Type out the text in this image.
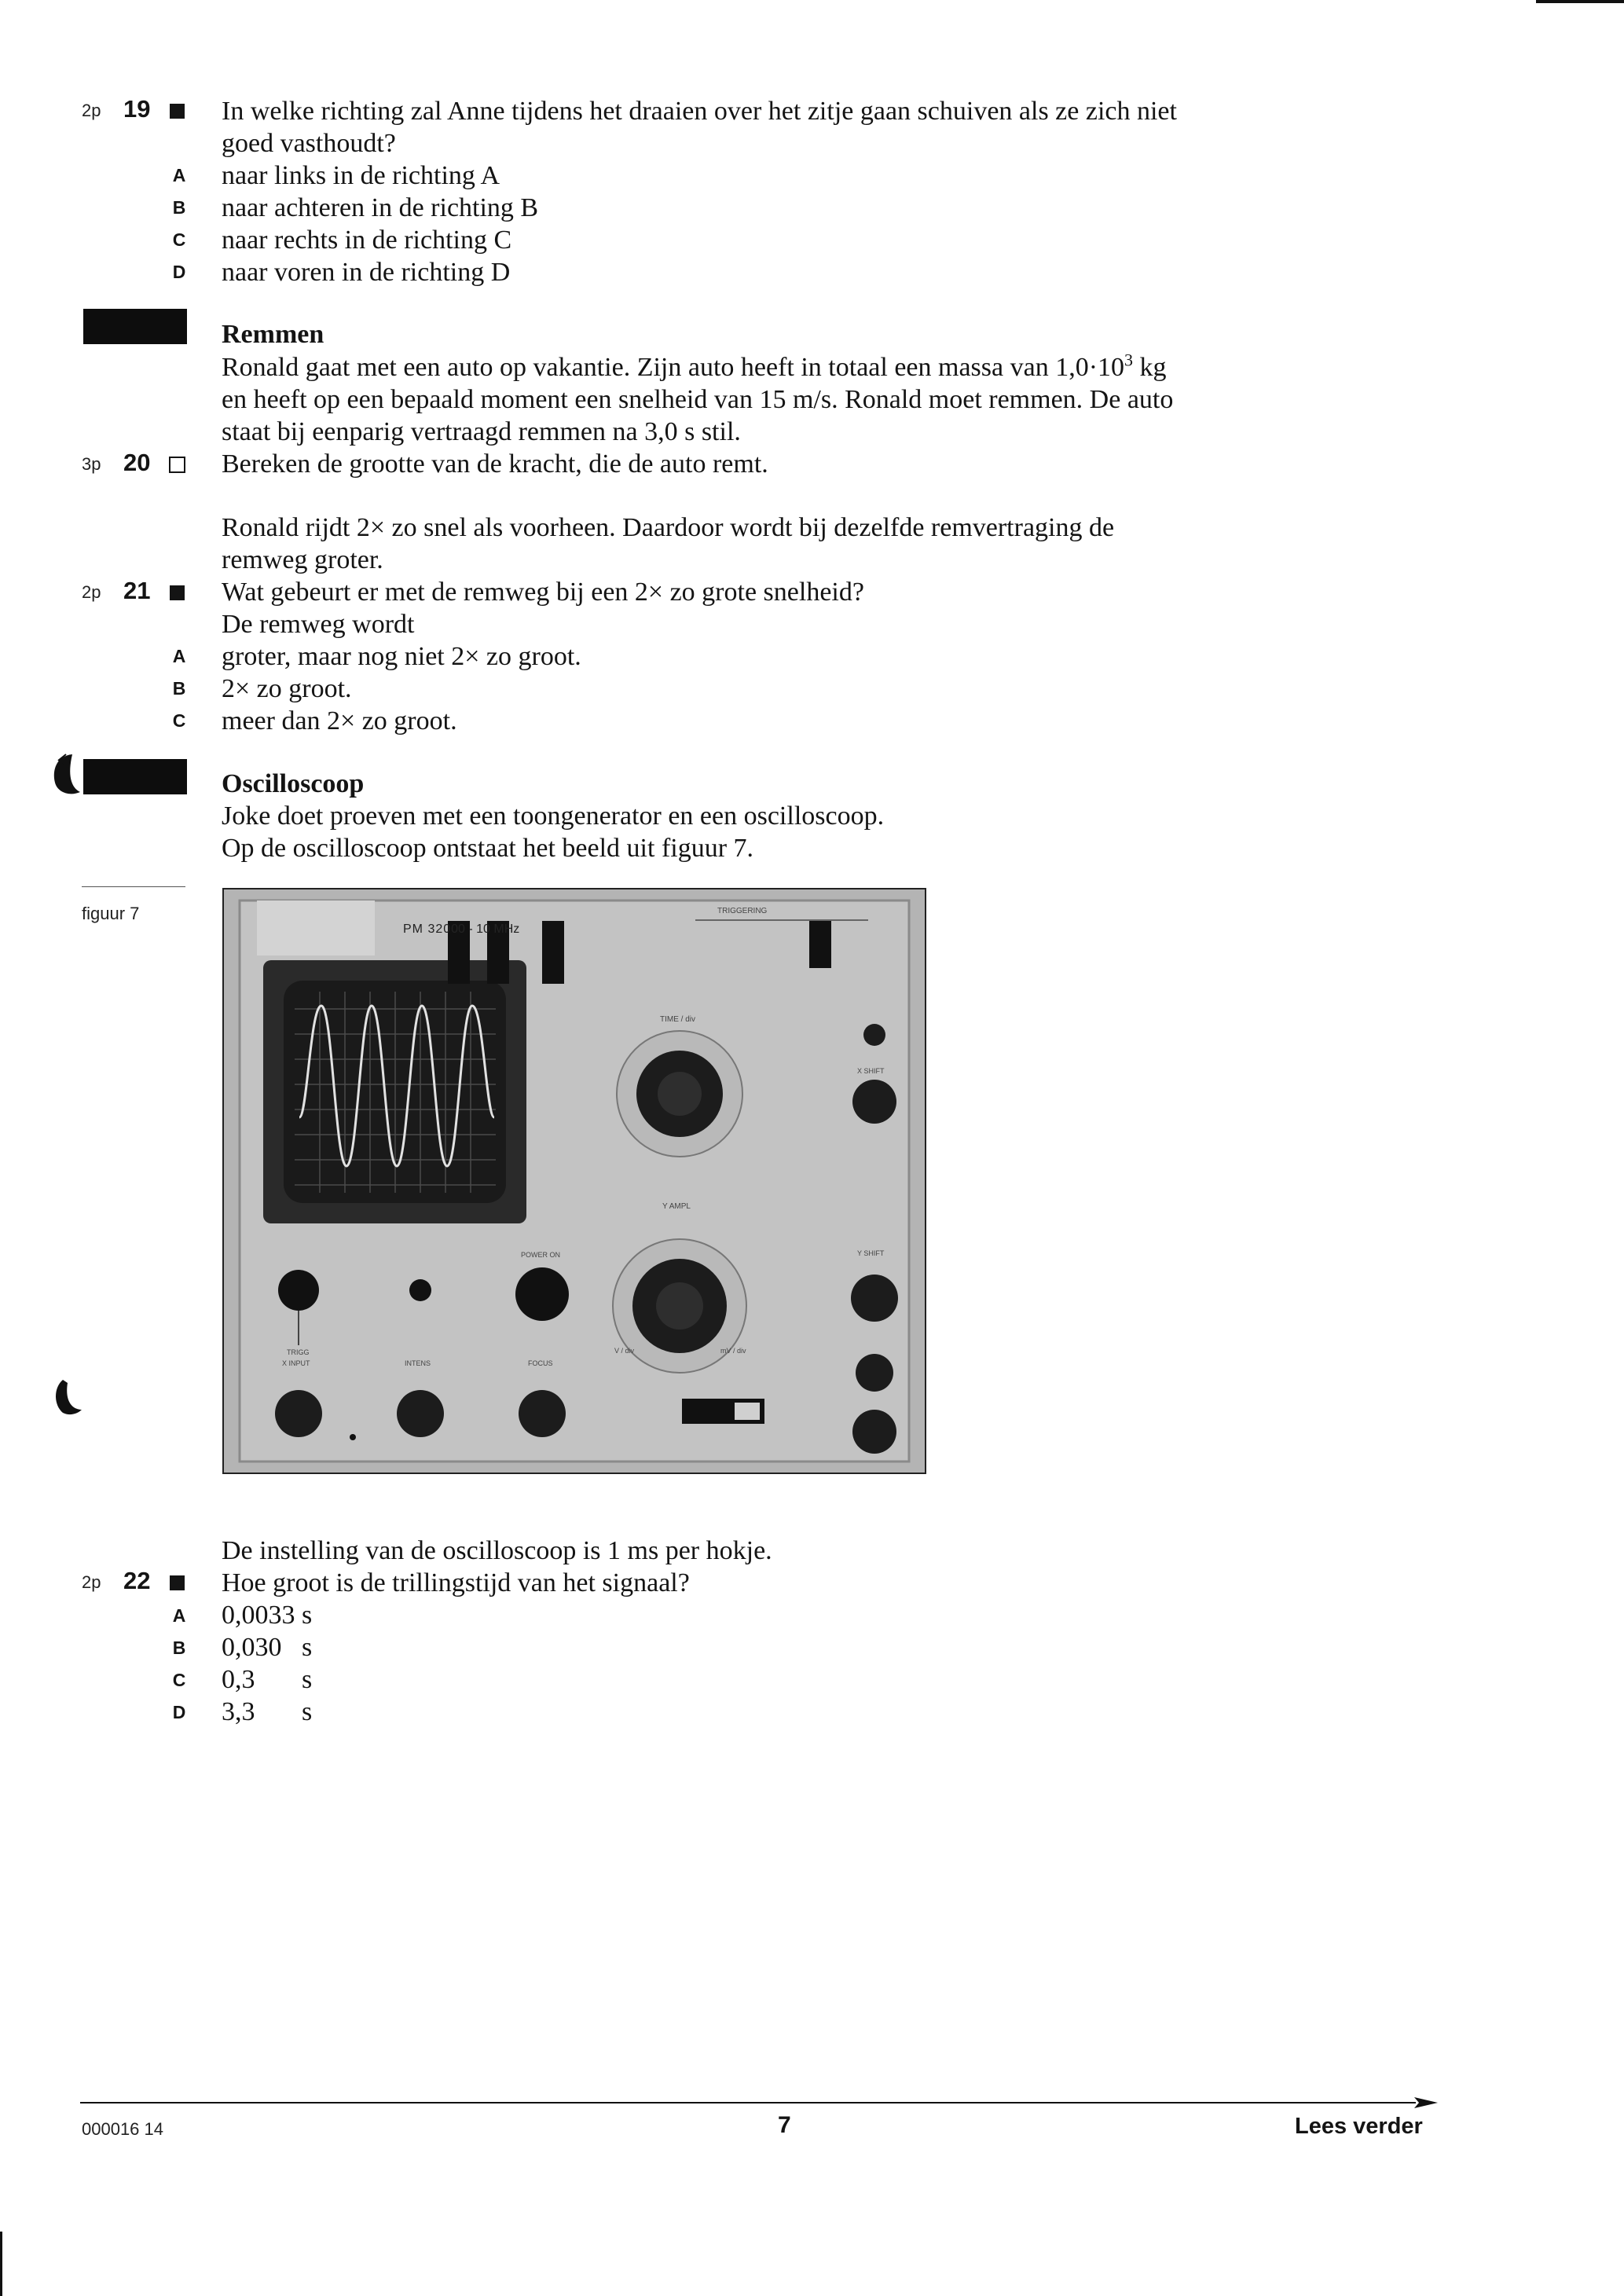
2p 19	In welke richting zal Anne tijdens het draaien over het zitje gaan schuiven als ze zich niet
goed vasthoudt?
A naar links in de richting A
B naar achteren in de richting B
C naar rechts in de richting C
D naar voren in de richting D
Remmen
Ronald gaat met een auto op vakantie. Zijn auto heeft in totaal een massa van $1,0\cdot 10^3$ kg
en heeft op een bepaald moment een snelheid van 15 m/s. Ronald moet remmen. De auto
staat bij eenparig vertraagd remmen na 3,0 s stil.
3p 20	Bereken de grootte van de kracht, die de auto remt.
Ronald rijdt 2× zo snel als voorheen. Daardoor wordt bij dezelfde remvertraging de
remweg groter.
2p 21	Wat gebeurt er met de remweg bij een 2× zo grote snelheid?
De remweg wordt
A groter, maar nog niet 2× zo groot.
B 2× zo groot.
C meer dan 2× zo groot.
Oscilloscoop
Joke doet proeven met een toongenerator en een oscilloscoop.
Op de oscilloscoop ontstaat het beeld uit figuur 7.
figuur 7
PM 3200
0 - 10 MHz
TRIGGERING
TIME / div
X SHIFT
Y AMPL
Y SHIFT
POWER ON
TRIGG
X INPUT	INTENS	FOCUS
V / div	mV / div
De instelling van de oscilloscoop is 1 ms per hokje.
2p 22	Hoe groot is de trillingstijd van het signaal?
A 0,0033 s
B 0,030 s
C 0,3 s
D 3,3 s
000016 14	7	Lees verder
